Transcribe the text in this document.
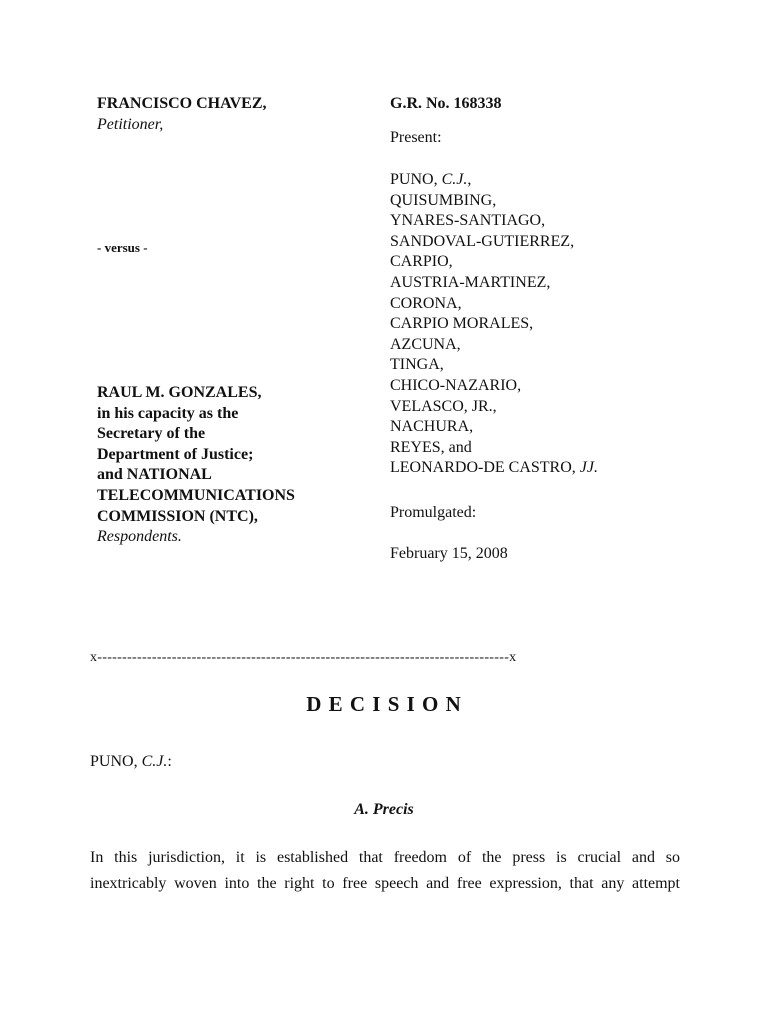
FRANCISCO CHAVEZ,
Petitioner,
- versus -
RAUL M. GONZALES,
in his capacity as the
Secretary of the
Department of Justice;
and NATIONAL
TELECOMMUNICATIONS
COMMISSION (NTC),
Respondents.
G.R. No. 168338
Present:
PUNO, C.J.,
QUISUMBING,
YNARES-SANTIAGO,
SANDOVAL-GUTIERREZ,
CARPIO,
AUSTRIA-MARTINEZ,
CORONA,
CARPIO MORALES,
AZCUNA,
TINGA,
CHICO-NAZARIO,
VELASCO, JR.,
NACHURA,
REYES, and
LEONARDO-DE CASTRO, JJ.
Promulgated:
February 15, 2008
x-----------------------------------------------------------------------------------x
D E C I S I O N
PUNO, C.J.:
A. Precis
In this jurisdiction, it is established that freedom of the press is crucial and so
inextricably woven into the right to free speech and free expression, that any attempt
